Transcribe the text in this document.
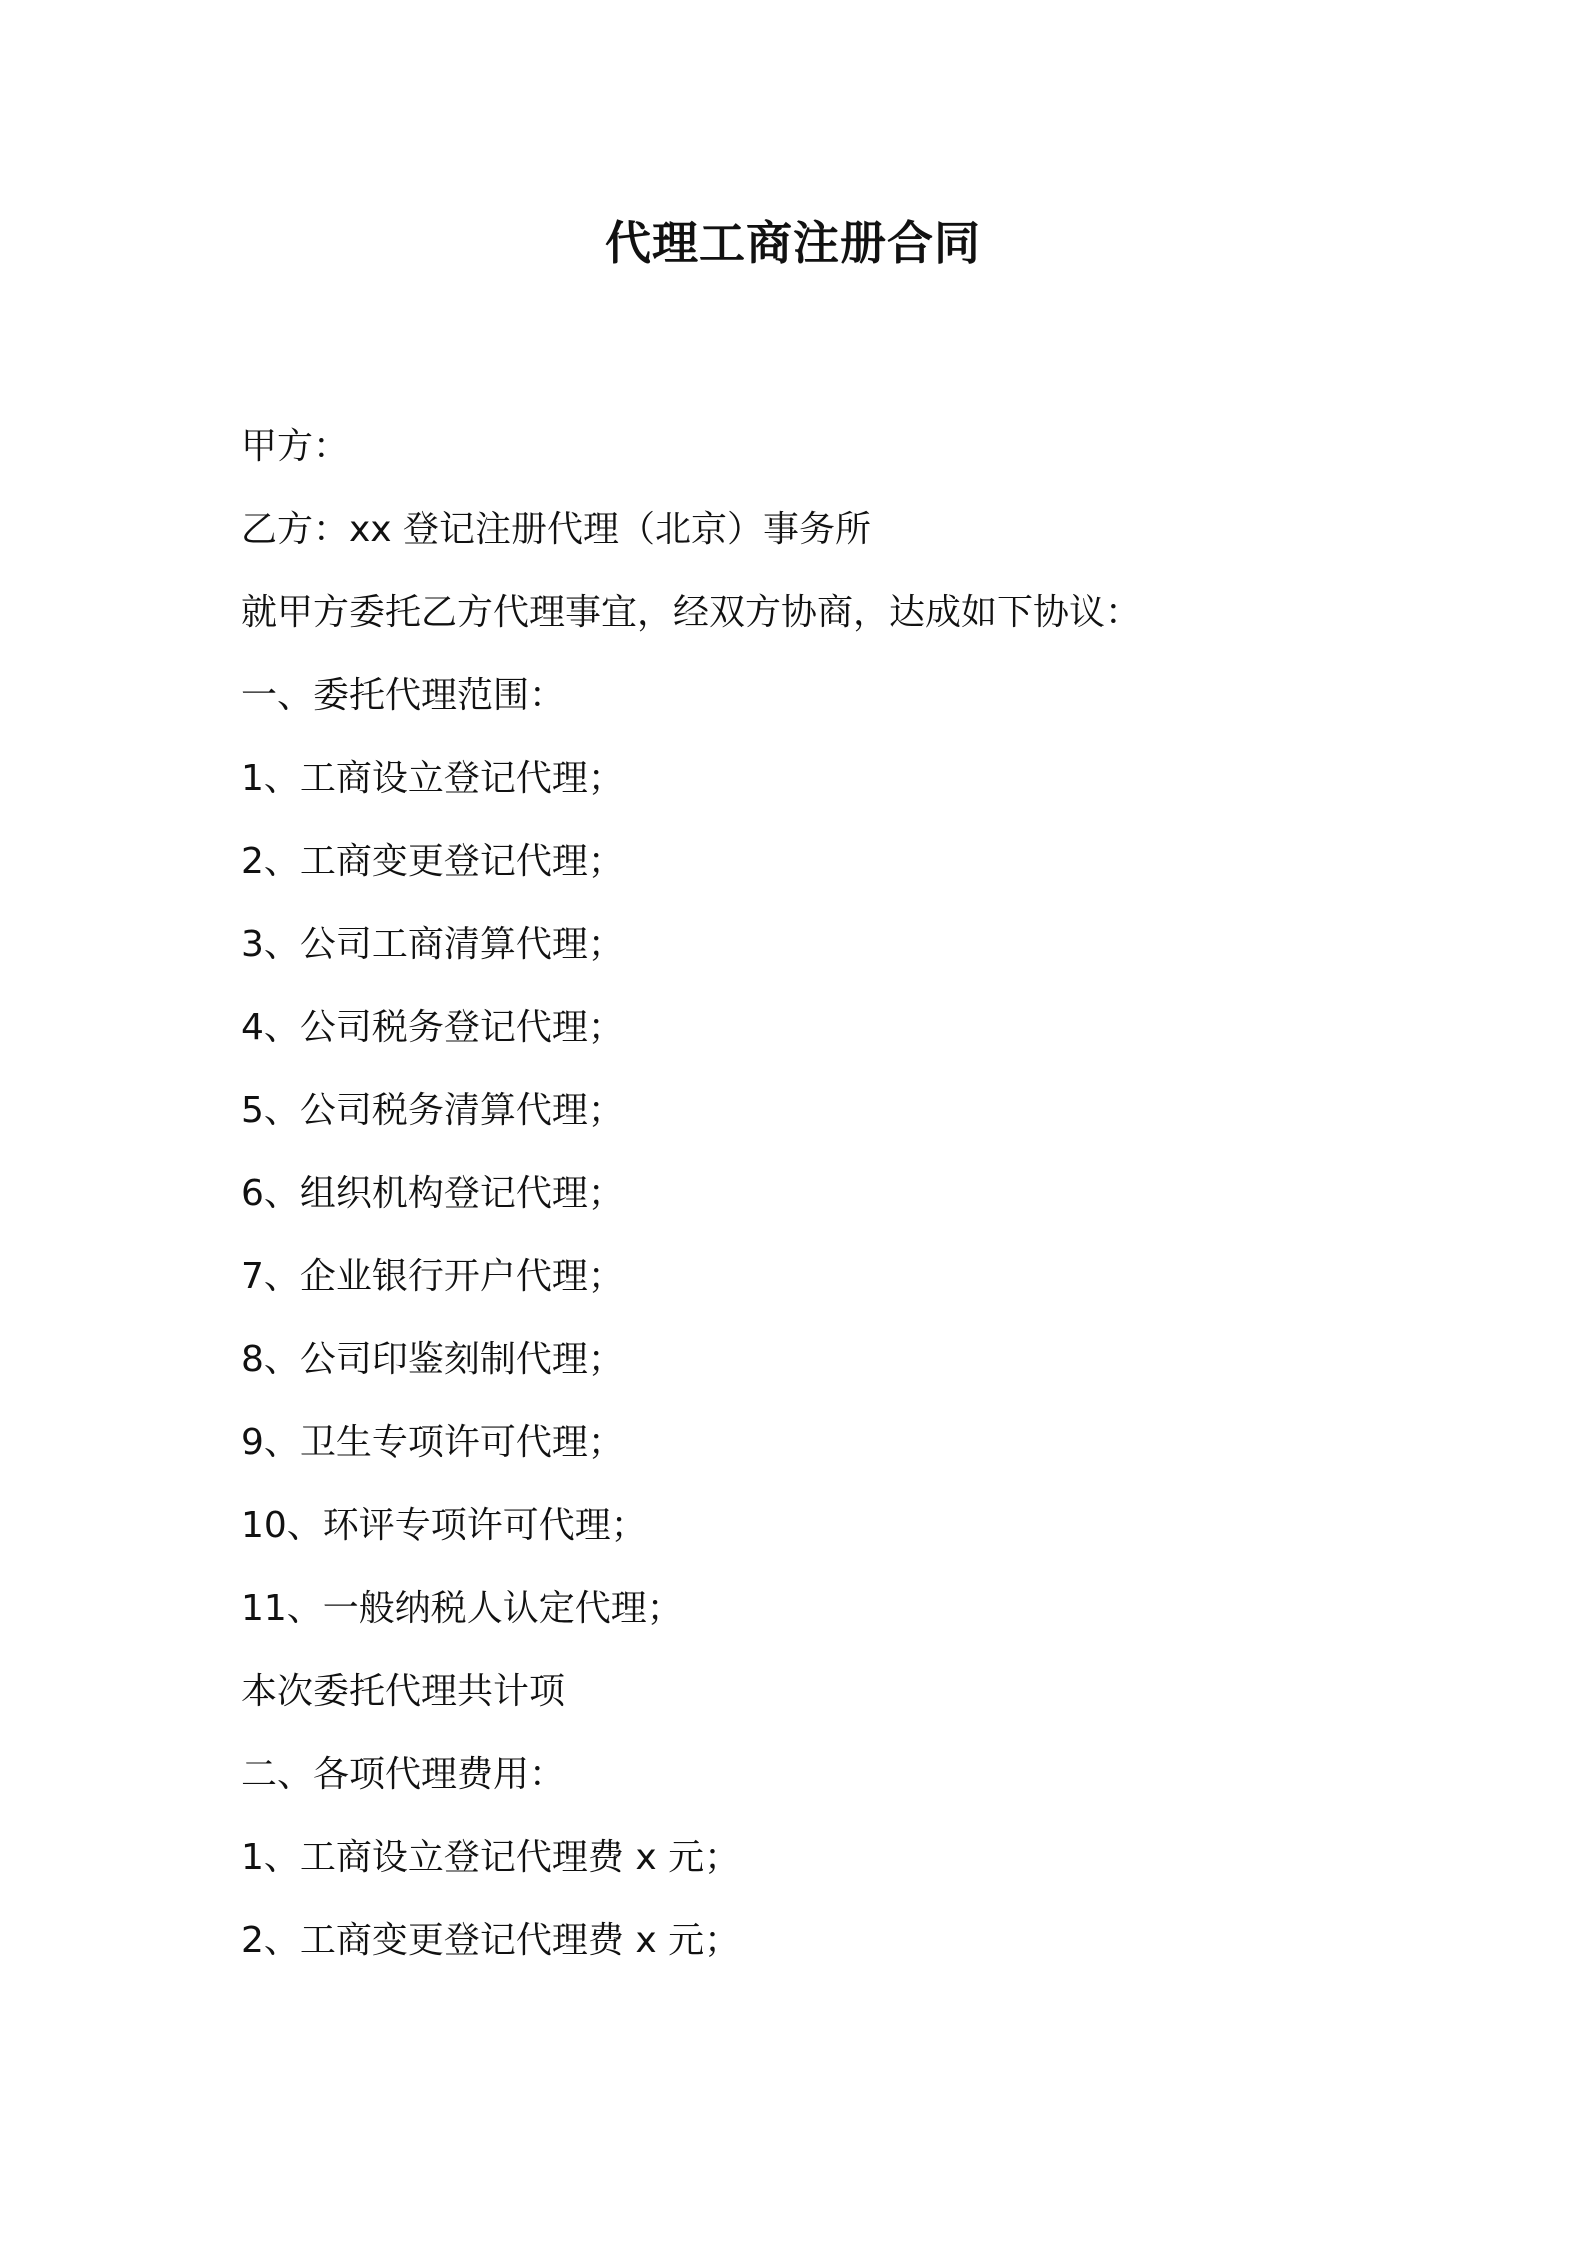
代理工商注册合同
甲方：
乙方：xx 登记注册代理（北京）事务所
就甲方委托乙方代理事宜，经双方协商，达成如下协议：
一、委托代理范围：
1、工商设立登记代理；
2、工商变更登记代理；
3、公司工商清算代理；
4、公司税务登记代理；
5、公司税务清算代理；
6、组织机构登记代理；
7、企业银行开户代理；
8、公司印鉴刻制代理；
9、卫生专项许可代理；
10、环评专项许可代理；
11、一般纳税人认定代理；
本次委托代理共计项
二、各项代理费用：
1、工商设立登记代理费 x 元；
2、工商变更登记代理费 x 元；
